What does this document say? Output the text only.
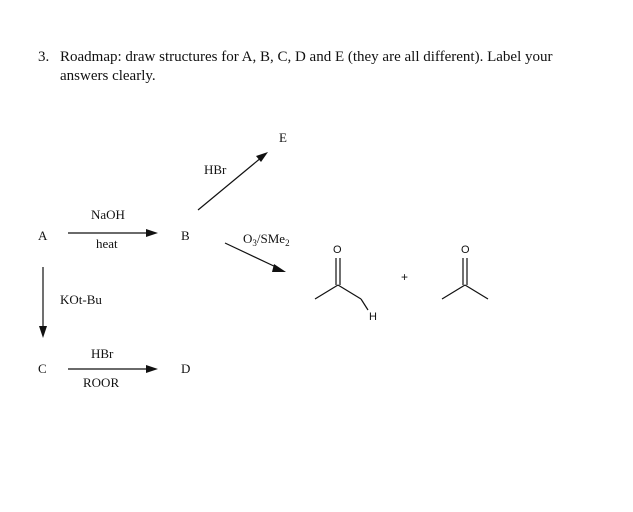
3. Roadmap: draw structures for A, B, C, D and E (they are all different). Label your
answers clearly.
A	B
C	D
E
NaOH
heat
KOt-Bu
HBr
ROOR
HBr
$O_3/SMe_2$
+
O
H
O
